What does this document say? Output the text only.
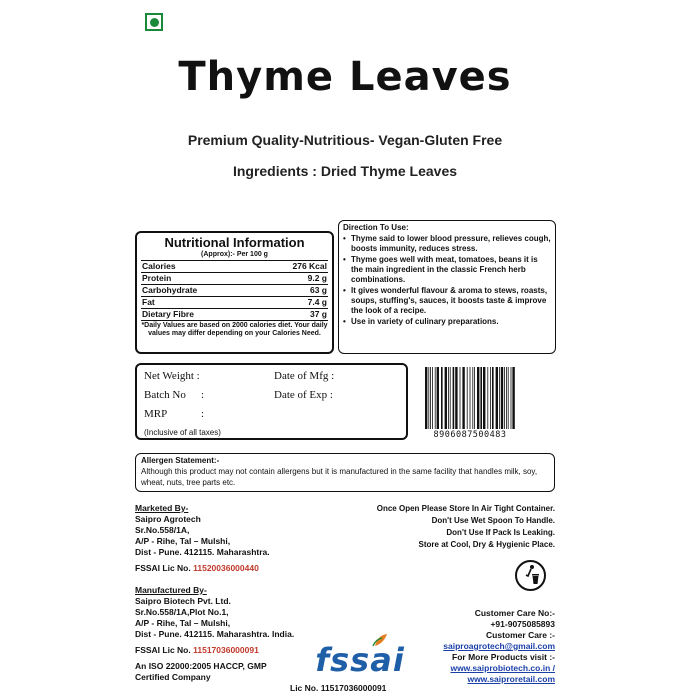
Thyme Leaves
Premium Quality-Nutritious- Vegan-Gluten Free
Ingredients : Dried Thyme Leaves
Nutritional Information
(Approx):- Per 100 g
Calories	276 Kcal
Protein	9.2 g
Carbohydrate	63 g
Fat	7.4 g
Dietary Fibre	37 g
*Daily Values are based on 2000 calories diet. Your daily values may differ depending on your Calories Need.
Direction To Use:
• Thyme said to lower blood pressure, relieves cough, boosts immunity, reduces stress.
• Thyme goes well with meat, tomatoes, beans it is the main ingredient in the classic French herb combinations.
• It gives wonderful flavour & aroma to stews, roasts, soups, stuffing's, sauces, it boosts taste & improve the look of a recipe.
• Use in variety of culinary preparations.
Net Weight :	Date of Mfg :
Batch No :	Date of Exp :
MRP	:
(Inclusive of all taxes)	8906087500483
Allergen Statement:-
Although this product may not contain allergens but it is manufactured in the same facility that handles milk, soy, wheat, nuts, tree parts etc.
Marketed By-
Saipro Agrotech
Sr.No.558/1A,
A/P - Rihe, Tal – Mulshi,
Dist - Pune. 412115. Maharashtra.
FSSAI Lic No. 11520036000440
Manufactured By-
Saipro Biotech Pvt. Ltd.
Sr.No.558/1A,Plot No.1,
A/P - Rihe, Tal – Mulshi,
Dist - Pune. 412115. Maharashtra. India.
FSSAI Lic No. 11517036000091
An ISO 22000:2005 HACCP, GMP
Certified Company
Once Open Please Store In Air Tight Container.
Don't Use Wet Spoon To Handle.
Don't Use If Pack Is Leaking.
Store at Cool, Dry & Hygienic Place.
Customer Care No:-
+91-9075085893
Customer Care :-
saiproagrotech@gmail.com
For More Products visit :-
www.saiprobiotech.co.in /
www.saiproretail.com
fssai
Lic No. 11517036000091
